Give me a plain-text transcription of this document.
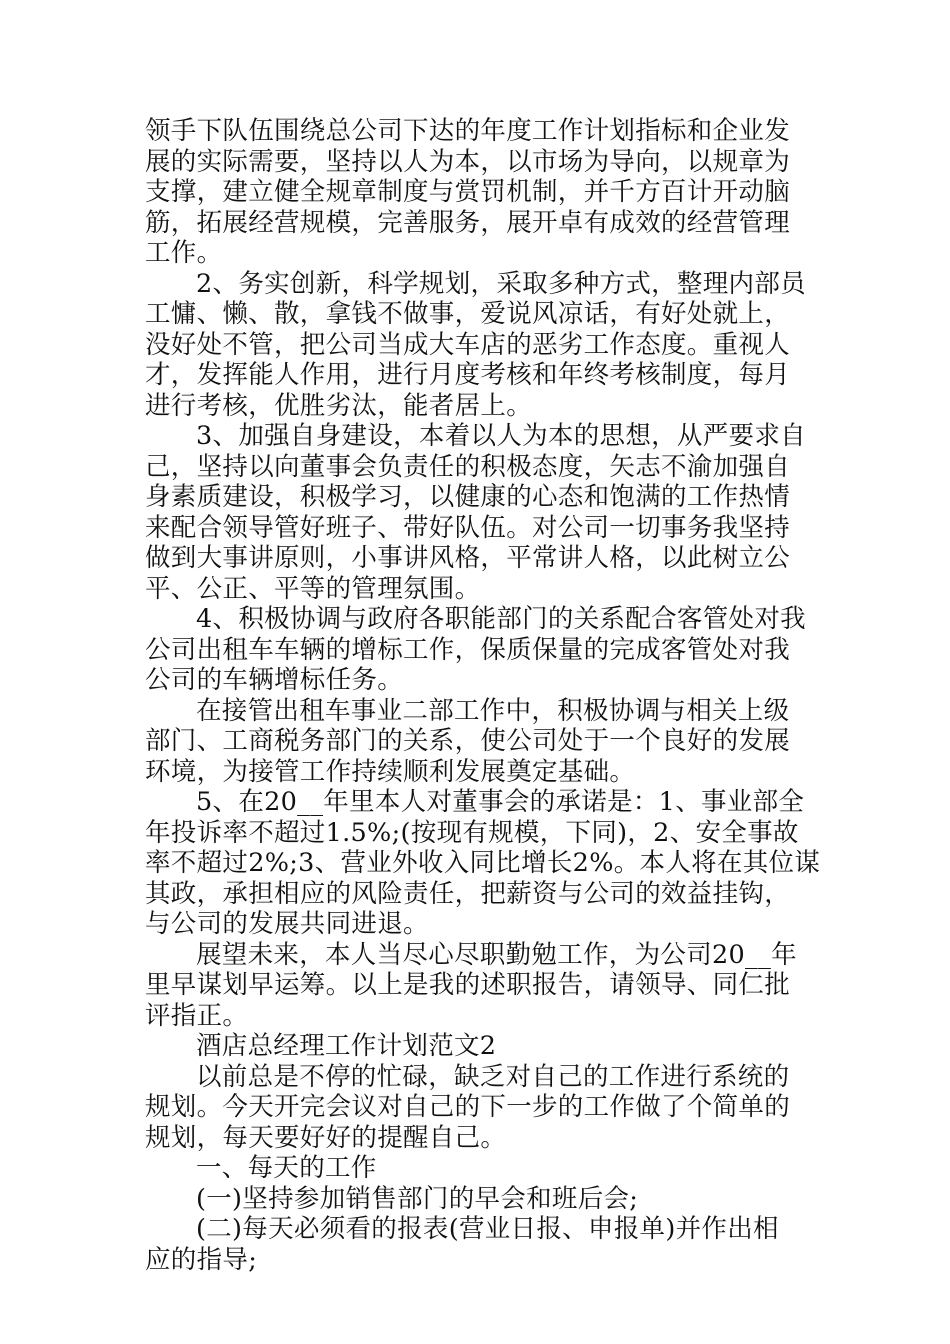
领手下队伍围绕总公司下达的年度工作计划指标和企业发
展的实际需要，坚持以人为本，以市场为导向，以规章为
支撑，建立健全规章制度与赏罚机制，并千方百计开动脑
筋，拓展经营规模，完善服务，展开卓有成效的经营管理
工作。
2、务实创新，科学规划，采取多种方式，整理内部员
工慵、懒、散，拿钱不做事，爱说风凉话，有好处就上，
没好处不管，把公司当成大车店的恶劣工作态度。重视人
才，发挥能人作用，进行月度考核和年终考核制度，每月
进行考核，优胜劣汰，能者居上。
3、加强自身建设，本着以人为本的思想，从严要求自
己，坚持以向董事会负责任的积极态度，矢志不渝加强自
身素质建设，积极学习，以健康的心态和饱满的工作热情
来配合领导管好班子、带好队伍。对公司一切事务我坚持
做到大事讲原则，小事讲风格，平常讲人格，以此树立公
平、公正、平等的管理氛围。
4、积极协调与政府各职能部门的关系配合客管处对我
公司出租车车辆的增标工作，保质保量的完成客管处对我
公司的车辆增标任务。
在接管出租车事业二部工作中，积极协调与相关上级
部门、工商税务部门的关系，使公司处于一个良好的发展
环境，为接管工作持续顺利发展奠定基础。
5、在20__年里本人对董事会的承诺是：1、事业部全
年投诉率不超过1.5%;(按现有规模，下同)，2、安全事故
率不超过2%;3、营业外收入同比增长2%。本人将在其位谋
其政，承担相应的风险责任，把薪资与公司的效益挂钩，
与公司的发展共同进退。
展望未来，本人当尽心尽职勤勉工作，为公司20__年
里早谋划早运筹。以上是我的述职报告，请领导、同仁批
评指正。
酒店总经理工作计划范文2
以前总是不停的忙碌，缺乏对自己的工作进行系统的
规划。今天开完会议对自己的下一步的工作做了个简单的
规划，每天要好好的提醒自己。
一、每天的工作
(一)坚持参加销售部门的早会和班后会;
(二)每天必须看的报表(营业日报、申报单)并作出相
应的指导;
